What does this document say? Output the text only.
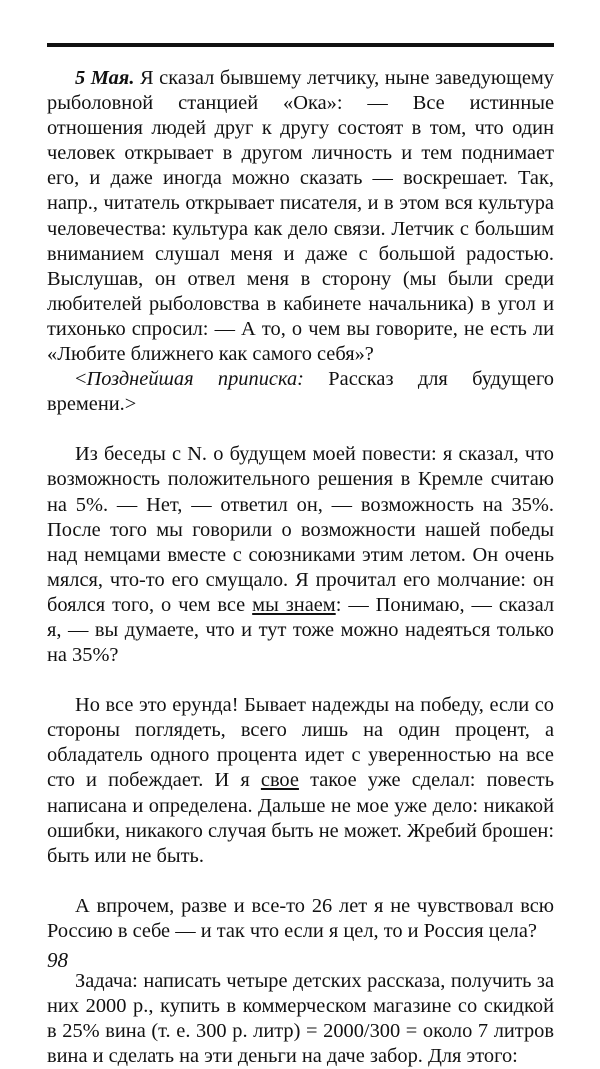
5 Мая. Я сказал бывшему летчику, ныне заведующему рыболовной станцией «Ока»: — Все истинные отношения людей друг к другу состоят в том, что один человек открывает в другом личность и тем поднимает его, и даже иногда можно сказать — воскрешает. Так, напр., читатель открывает писателя, и в этом вся культура человечества: культура как дело связи. Летчик с большим вниманием слушал меня и даже с большой радостью. Выслушав, он отвел меня в сторону (мы были среди любителей рыболовства в кабинете начальника) в угол и тихонько спросил: — А то, о чем вы говорите, не есть ли «Любите ближнего как самого себя»?

<Позднейшая приписка: Рассказ для будущего времени.>

Из беседы с N. о будущем моей повести: я сказал, что возможность положительного решения в Кремле считаю на 5%. — Нет, — ответил он, — возможность на 35%. После того мы говорили о возможности нашей победы над немцами вместе с союзниками этим летом. Он очень мялся, что-то его смущало. Я прочитал его молчание: он боялся того, о чем все мы знаем: — Понимаю, — сказал я, — вы думаете, что и тут тоже можно надеяться только на 35%?

Но все это ерунда! Бывает надежды на победу, если со стороны поглядеть, всего лишь на один процент, а обладатель одного процента идет с уверенностью на все сто и побеждает. И я свое такое уже сделал: повесть написана и определена. Дальше не мое уже дело: никакой ошибки, никакого случая быть не может. Жребий брошен: быть или не быть.

А впрочем, разве и все-то 26 лет я не чувствовал всю Россию в себе — и так что если я цел, то и Россия цела?

Задача: написать четыре детских рассказа, получить за них 2000 р., купить в коммерческом магазине со скидкой в 25% вина (т. е. 300 р. литр) = 2000/300 = около 7 литров вина и сделать на эти деньги на даче забор. Для этого:

98
